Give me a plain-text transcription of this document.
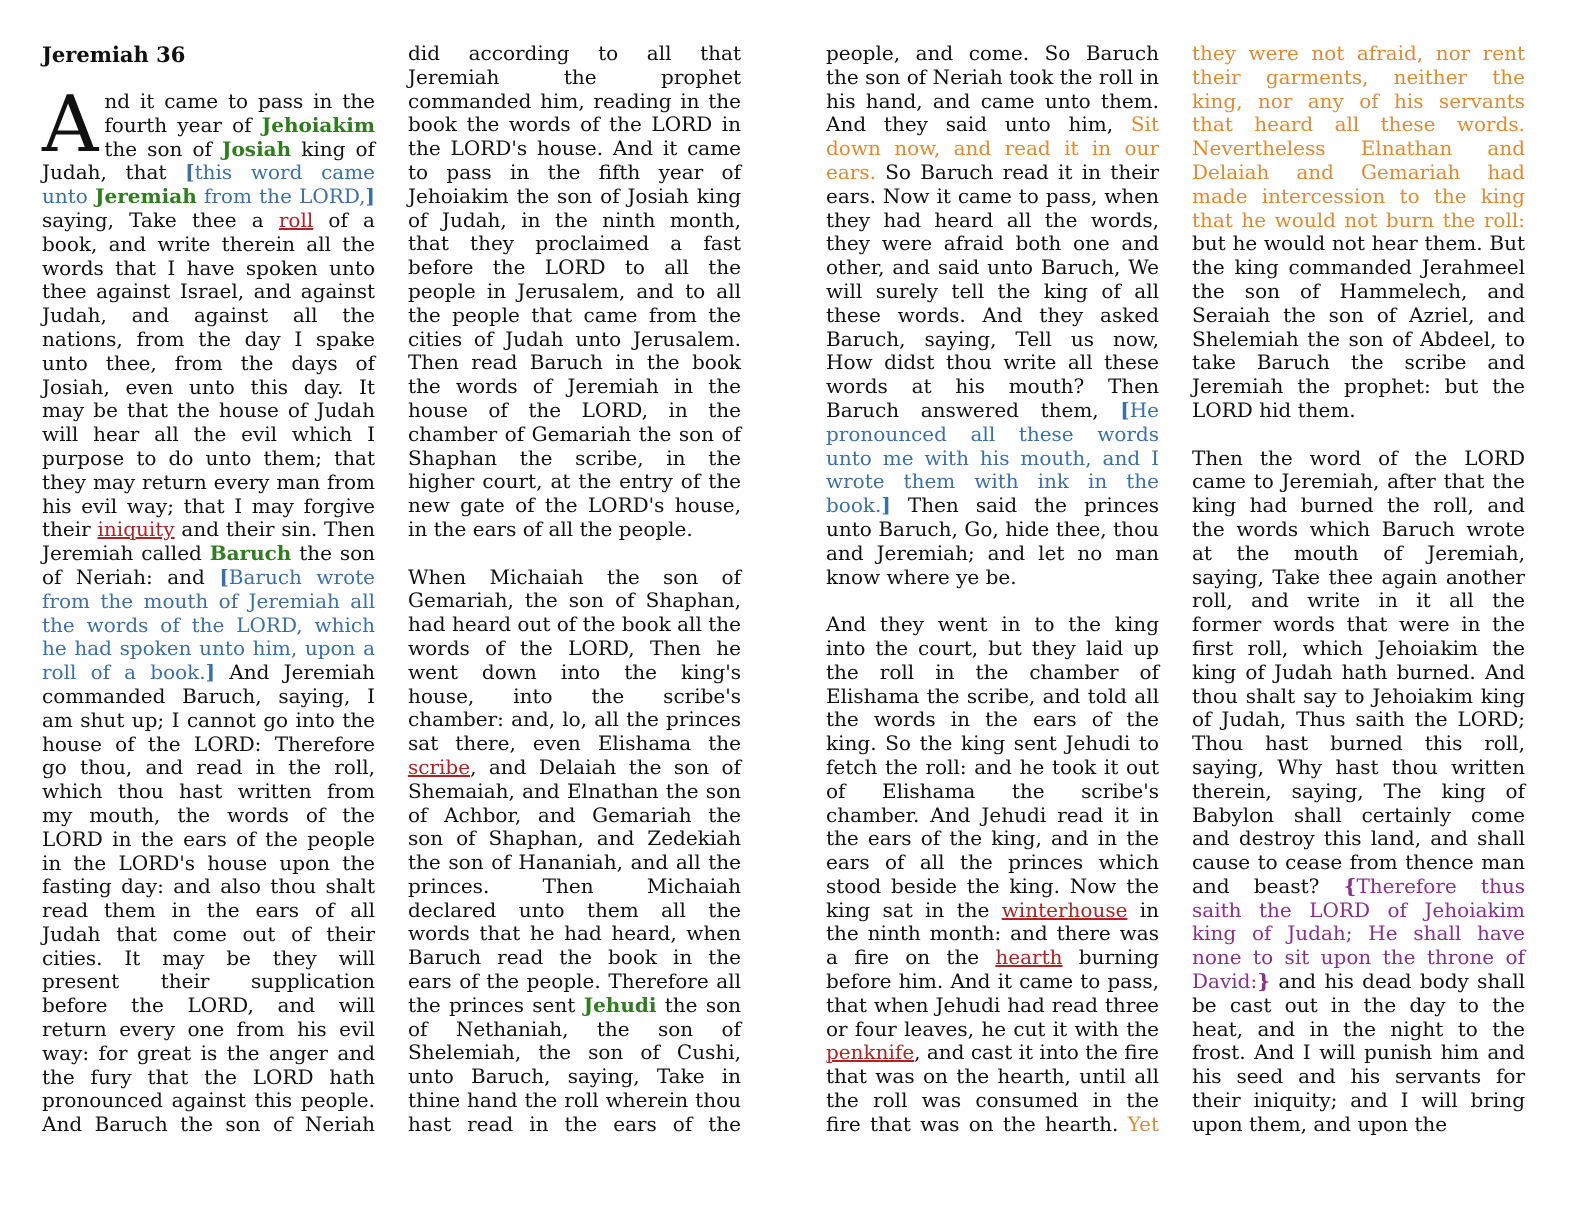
Jeremiah 36

And it came to pass in the fourth year of Jehoiakim the son of Josiah king of Judah, that [this word came unto Jeremiah from the LORD,] saying, Take thee a roll of a book, and write therein all the words that I have spoken unto thee against Israel, and against Judah, and against all the nations, from the day I spake unto thee, from the days of Josiah, even unto this day. It may be that the house of Judah will hear all the evil which I purpose to do unto them; that they may return every man from his evil way; that I may forgive their iniquity and their sin. Then Jeremiah called Baruch the son of Neriah: and [Baruch wrote from the mouth of Jeremiah all the words of the LORD, which he had spoken unto him, upon a roll of a book.] And Jeremiah commanded Baruch, saying, I am shut up; I cannot go into the house of the LORD: Therefore go thou, and read in the roll, which thou hast written from my mouth, the words of the LORD in the ears of the people in the LORD's house upon the fasting day: and also thou shalt read them in the ears of all Judah that come out of their cities. It may be they will present their supplication before the LORD, and will return every one from his evil way: for great is the anger and the fury that the LORD hath pronounced against this people. And Baruch the son of Neriah

did according to all that Jeremiah the prophet commanded him, reading in the book the words of the LORD in the LORD's house. And it came to pass in the fifth year of Jehoiakim the son of Josiah king of Judah, in the ninth month, that they proclaimed a fast before the LORD to all the people in Jerusalem, and to all the people that came from the cities of Judah unto Jerusalem. Then read Baruch in the book the words of Jeremiah in the house of the LORD, in the chamber of Gemariah the son of Shaphan the scribe, in the higher court, at the entry of the new gate of the LORD's house, in the ears of all the people.

When Michaiah the son of Gemariah, the son of Shaphan, had heard out of the book all the words of the LORD, Then he went down into the king's house, into the scribe's chamber: and, lo, all the princes sat there, even Elishama the scribe, and Delaiah the son of Shemaiah, and Elnathan the son of Achbor, and Gemariah the son of Shaphan, and Zedekiah the son of Hananiah, and all the princes. Then Michaiah declared unto them all the words that he had heard, when Baruch read the book in the ears of the people. Therefore all the princes sent Jehudi the son of Nethaniah, the son of Shelemiah, the son of Cushi, unto Baruch, saying, Take in thine hand the roll wherein thou hast read in the ears of the

people, and come. So Baruch the son of Neriah took the roll in his hand, and came unto them. And they said unto him, Sit down now, and read it in our ears. So Baruch read it in their ears. Now it came to pass, when they had heard all the words, they were afraid both one and other, and said unto Baruch, We will surely tell the king of all these words. And they asked Baruch, saying, Tell us now, How didst thou write all these words at his mouth? Then Baruch answered them, [He pronounced all these words unto me with his mouth, and I wrote them with ink in the book.] Then said the princes unto Baruch, Go, hide thee, thou and Jeremiah; and let no man know where ye be.

And they went in to the king into the court, but they laid up the roll in the chamber of Elishama the scribe, and told all the words in the ears of the king. So the king sent Jehudi to fetch the roll: and he took it out of Elishama the scribe's chamber. And Jehudi read it in the ears of the king, and in the ears of all the princes which stood beside the king. Now the king sat in the winterhouse in the ninth month: and there was a fire on the hearth burning before him. And it came to pass, that when Jehudi had read three or four leaves, he cut it with the penknife, and cast it into the fire that was on the hearth, until all the roll was consumed in the fire that was on the hearth. Yet

they were not afraid, nor rent their garments, neither the king, nor any of his servants that heard all these words. Nevertheless Elnathan and Delaiah and Gemariah had made intercession to the king that he would not burn the roll: but he would not hear them. But the king commanded Jerahmeel the son of Hammelech, and Seraiah the son of Azriel, and Shelemiah the son of Abdeel, to take Baruch the scribe and Jeremiah the prophet: but the LORD hid them.

Then the word of the LORD came to Jeremiah, after that the king had burned the roll, and the words which Baruch wrote at the mouth of Jeremiah, saying, Take thee again another roll, and write in it all the former words that were in the first roll, which Jehoiakim the king of Judah hath burned. And thou shalt say to Jehoiakim king of Judah, Thus saith the LORD; Thou hast burned this roll, saying, Why hast thou written therein, saying, The king of Babylon shall certainly come and destroy this land, and shall cause to cease from thence man and beast? {Therefore thus saith the LORD of Jehoiakim king of Judah; He shall have none to sit upon the throne of David:} and his dead body shall be cast out in the day to the heat, and in the night to the frost. And I will punish him and his seed and his servants for their iniquity; and I will bring upon them, and upon the
